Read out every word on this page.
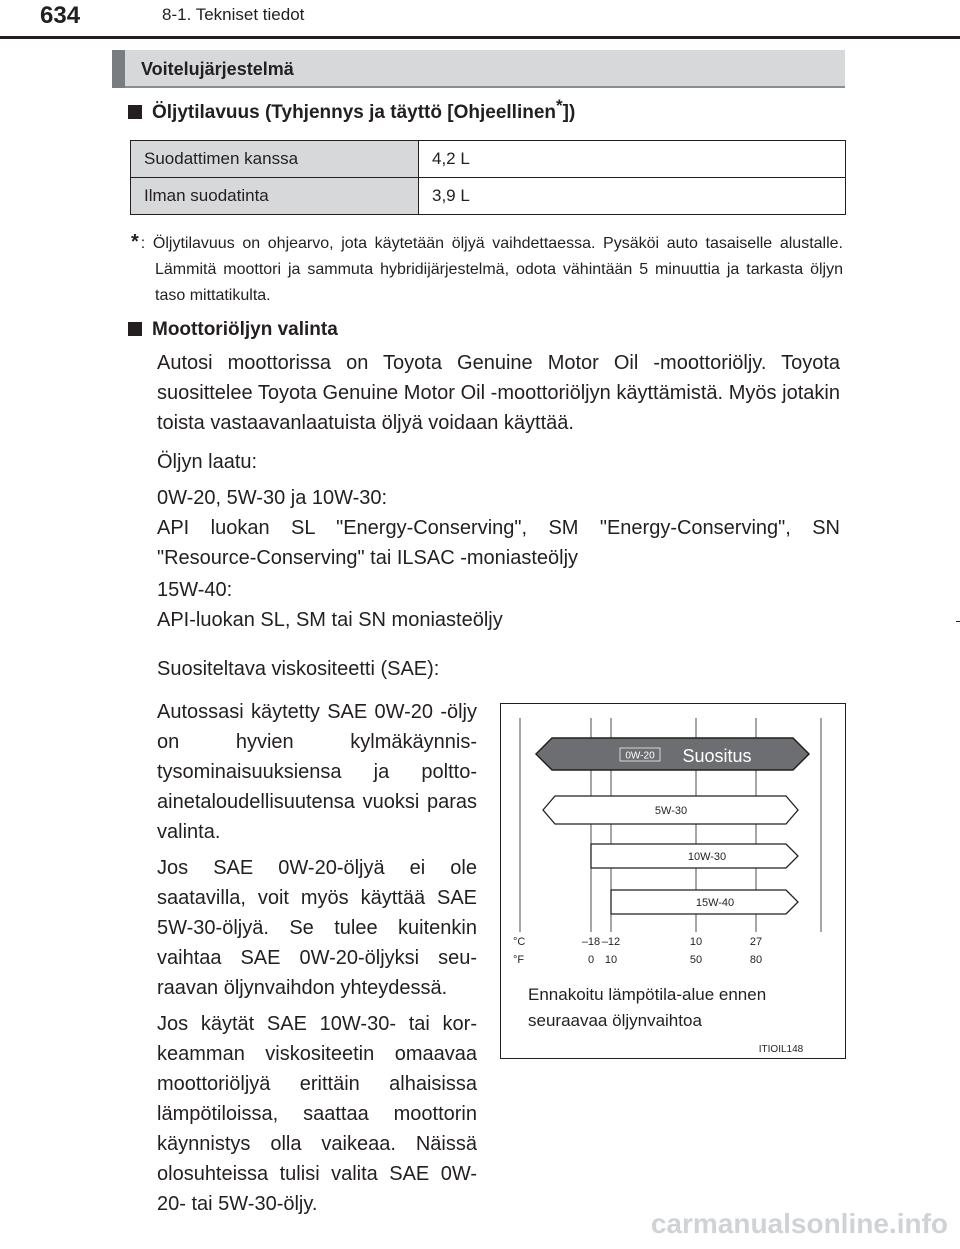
634	8-1. Tekniset tiedot
Voitelujärjestelmä
Öljytilavuus (Tyhjennys ja täyttö [Ohjeellinen*])
Suodattimen kanssa	4,2 L
Ilman suodatinta	3,9 L
* : Öljytilavuus on ohjearvo, jota käytetään öljyä vaihdettaessa. Pysäköi auto tasaiselle alustalle. Lämmitä moottori ja sammuta hybridijärjestelmä, odota vähintään 5 minuuttia ja tarkasta öljyn taso mittatikulta.
Moottoriöljyn valinta
Autosi moottorissa on Toyota Genuine Motor Oil -moottoriöljy. Toyota suosittelee Toyota Genuine Motor Oil -moottoriöljyn käyttämistä. Myös jotakin toista vastaavanlaatuista öljyä voidaan käyttää.
Öljyn laatu:
0W-20, 5W-30 ja 10W-30:
API luokan SL "Energy-Conserving", SM "Energy-Conserving", SN "Resource-Conserving" tai ILSAC -moniasteöljy
15W-40:
API-luokan SL, SM tai SN moniasteöljy
Suositeltava viskositeetti (SAE):
Autossasi käytetty SAE 0W-20 -öljy on hyvien kylmäkäynnistysominaisuuksiensa ja polttoainetaloudellisuutensa vuoksi paras valinta.
Jos SAE 0W-20-öljyä ei ole saatavilla, voit myös käyttää SAE 5W-30-öljyä. Se tulee kuitenkin vaihtaa SAE 0W-20-öljyksi seuraavan öljynvaihdon yhteydessä.
Jos käytät SAE 10W-30- tai korkeamman viskositeetin omaavaa moottoriöljyä erittäin alhaisissa lämpötiloissa, saattaa moottorin käynnistys olla vaikeaa. Näissä olosuhteissa tulisi valita SAE 0W-20- tai 5W-30-öljy.
0W-20 Suositus
5W-30
10W-30
15W-40
°C	–18 –12	10	27
°F	0 10	50	80
ITIOIL148
Ennakoitu lämpötila-alue ennen seuraavaa öljynvaihtoa
carmanualsonline.info
